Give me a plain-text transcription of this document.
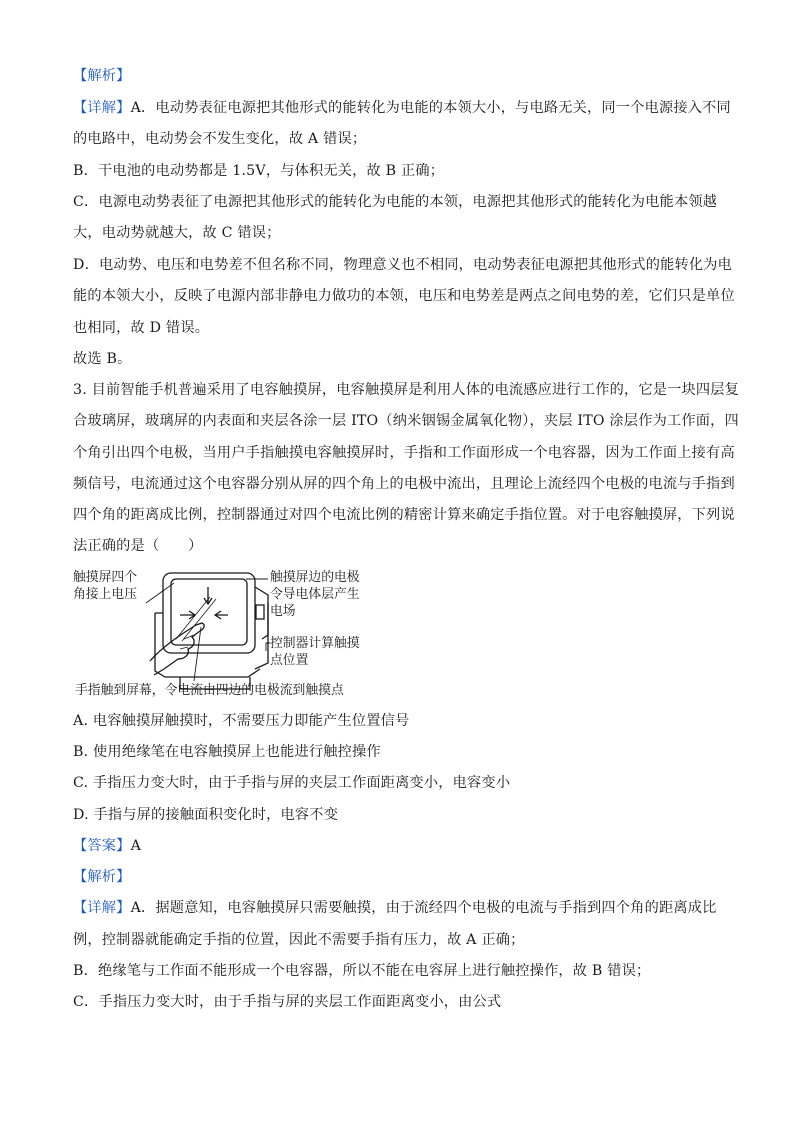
【解析】
【详解】A．电动势表征电源把其他形式的能转化为电能的本领大小，与电路无关，同一个电源接入不同
的电路中，电动势会不发生变化，故 A 错误；
B．干电池的电动势都是 1.5V，与体积无关，故 B 正确；
C．电源电动势表征了电源把其他形式的能转化为电能的本领，电源把其他形式的能转化为电能本领越
大，电动势就越大，故 C 错误；
D．电动势、电压和电势差不但名称不同，物理意义也不相同，电动势表征电源把其他形式的能转化为电
能的本领大小，反映了电源内部非静电力做功的本领，电压和电势差是两点之间电势的差，它们只是单位
也相同，故 D 错误。
故选 B。
3. 目前智能手机普遍采用了电容触摸屏，电容触摸屏是利用人体的电流感应进行工作的，它是一块四层复
合玻璃屏，玻璃屏的内表面和夹层各涂一层 ITO（纳米铟锡金属氧化物），夹层 ITO 涂层作为工作面，四
个角引出四个电极，当用户手指触摸电容触摸屏时，手指和工作面形成一个电容器，因为工作面上接有高
频信号，电流通过这个电容器分别从屏的四个角上的电极中流出，且理论上流经四个电极的电流与手指到
四个角的距离成比例，控制器通过对四个电流比例的精密计算来确定手指位置。对于电容触摸屏，下列说
法正确的是（　　）
触摸屏四个
角接上电压
触摸屏边的电极
令导电体层产生
电场
控制器计算触摸
点位置
手指触到屏幕，令电流由四边的电极流到触摸点
A. 电容触摸屏触摸时，不需要压力即能产生位置信号
B. 使用绝缘笔在电容触摸屏上也能进行触控操作
C. 手指压力变大时，由于手指与屏的夹层工作面距离变小，电容变小
D. 手指与屏的接触面积变化时，电容不变
【答案】A
【解析】
【详解】A．据题意知，电容触摸屏只需要触摸，由于流经四个电极的电流与手指到四个角的距离成比
例，控制器就能确定手指的位置，因此不需要手指有压力，故 A 正确；
B．绝缘笔与工作面不能形成一个电容器，所以不能在电容屏上进行触控操作，故 B 错误；
C．手指压力变大时，由于手指与屏的夹层工作面距离变小，由公式
